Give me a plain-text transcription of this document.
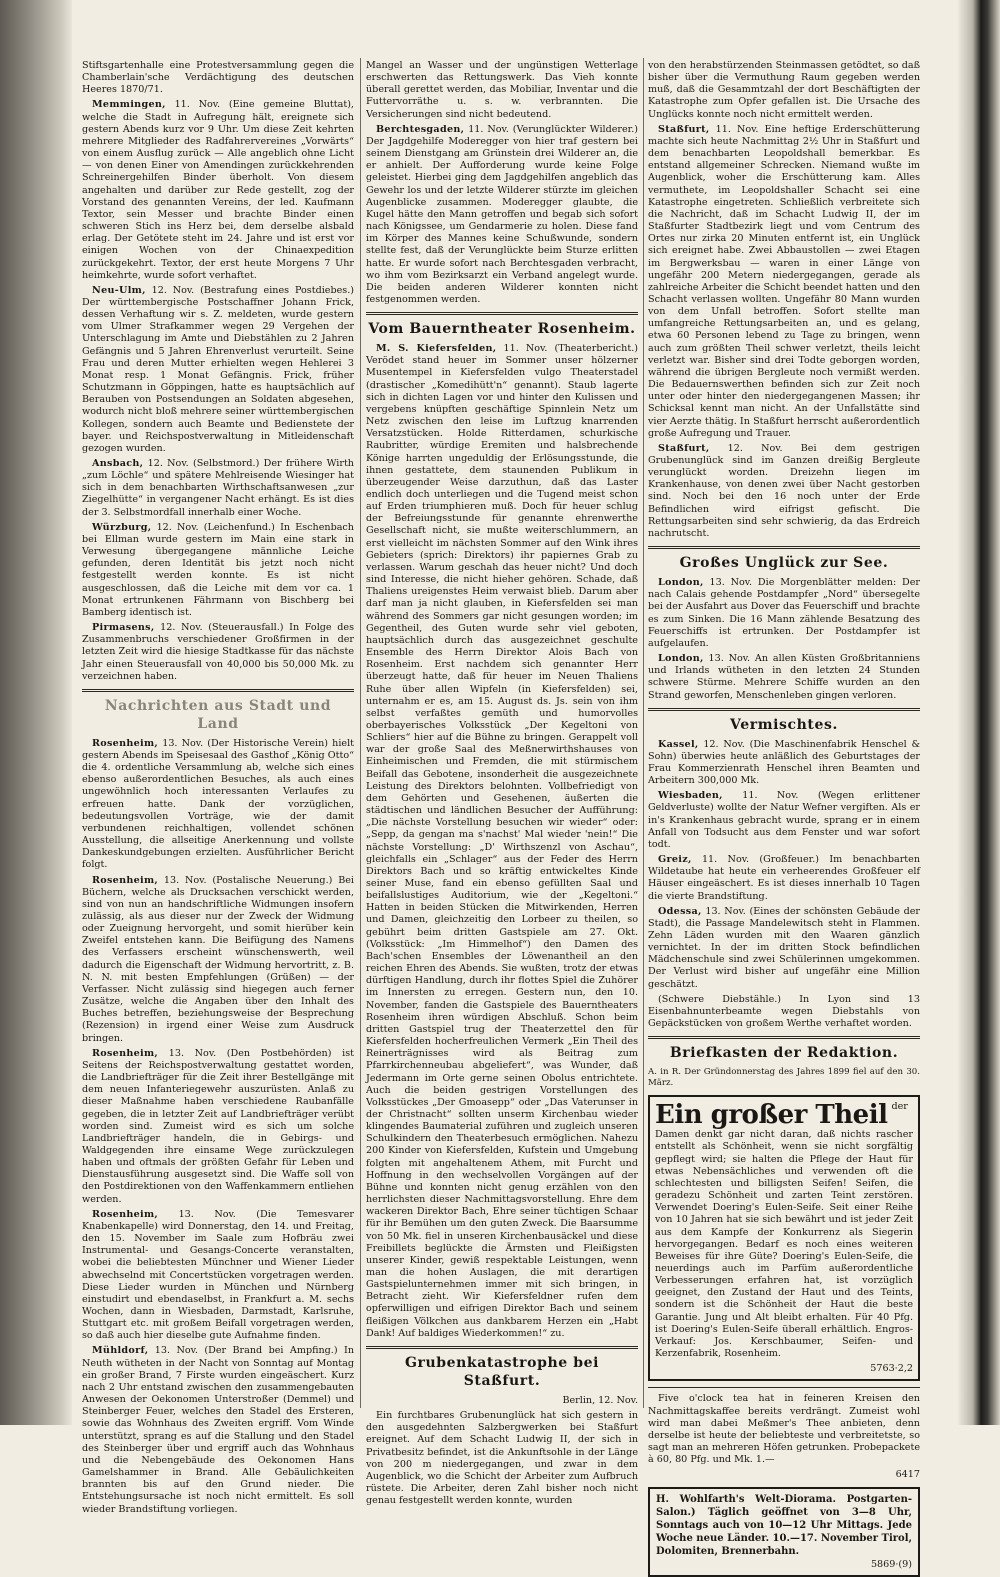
Stiftsgartenhalle eine Protestversammlung gegen die Chamberlain'sche Verdächtigung des deutschen Heeres 1870/71.

Memmingen, 11. Nov. (Eine gemeine Bluttat), welche die Stadt in Aufregung hält, ereignete sich gestern Abends kurz vor 9 Uhr. Um diese Zeit kehrten mehrere Mitglieder des Radfahrervereines „Vorwärts“ von einem Ausflug zurück — Alle angeblich ohne Licht — von denen Einer von Amendingen zurückkehrenden Schreinergehilfen Binder überholt. Von diesem angehalten und darüber zur Rede gestellt, zog der Vorstand des genannten Vereins, der led. Kaufmann Textor, sein Messer und brachte Binder einen schweren Stich ins Herz bei, dem derselbe alsbald erlag. Der Getötete steht im 24. Jahre und ist erst vor einigen Wochen von der Chinaexpedition zurückgekehrt. Textor, der erst heute Morgens 7 Uhr heimkehrte, wurde sofort verhaftet.

Neu-Ulm, 12. Nov. (Bestrafung eines Postdiebes.) Der württembergische Postschaffner Johann Frick, dessen Verhaftung wir s. Z. meldeten, wurde gestern vom Ulmer Strafkammer wegen 29 Vergehen der Unterschlagung im Amte und Diebstählen zu 2 Jahren Gefängnis und 5 Jahren Ehrenverlust verurteilt. Seine Frau und deren Mutter erhielten wegen Hehlerei 3 Monat resp. 1 Monat Gefängnis. Frick, früher Schutzmann in Göppingen, hatte es hauptsächlich auf Berauben von Postsendungen an Soldaten abgesehen, wodurch nicht bloß mehrere seiner württembergischen Kollegen, sondern auch Beamte und Bedienstete der bayer. und Reichspostverwaltung in Mitleidenschaft gezogen wurden.

Ansbach, 12. Nov. (Selbstmord.) Der frühere Wirth „zum Löchle“ und spätere Mehlreisende Wiesinger hat sich in dem benachbarten Wirthschaftsanwesen „zur Ziegelhütte“ in vergangener Nacht erhängt. Es ist dies der 3. Selbstmordfall innerhalb einer Woche.

Würzburg, 12. Nov. (Leichenfund.) In Eschenbach bei Ellman wurde gestern im Main eine stark in Verwesung übergegangene männliche Leiche gefunden, deren Identität bis jetzt noch nicht festgestellt werden konnte. Es ist nicht ausgeschlossen, daß die Leiche mit dem vor ca. 1 Monat ertrunkenen Fährmann von Bischberg bei Bamberg identisch ist.

Pirmasens, 12. Nov. (Steuerausfall.) In Folge des Zusammenbruchs verschiedener Großfirmen in der letzten Zeit wird die hiesige Stadtkasse für das nächste Jahr einen Steuerausfall von 40,000 bis 50,000 Mk. zu verzeichnen haben.

Nachrichten aus Stadt und Land

Rosenheim, 13. Nov. (Der Historische Verein) hielt gestern Abends im Speisesaal des Gasthof „König Otto“ die 4. ordentliche Versammlung ab, welche sich eines ebenso außerordentlichen Besuches, als auch eines ungewöhnlich hoch interessanten Verlaufes zu erfreuen hatte. Dank der vorzüglichen, bedeutungsvollen Vorträge, wie der damit verbundenen reichhaltigen, vollendet schönen Ausstellung, die allseitige Anerkennung und vollste Dankeskundgebungen erzielten. Ausführlicher Bericht folgt.

Rosenheim, 13. Nov. (Postalische Neuerung.) Bei Büchern, welche als Drucksachen verschickt werden, sind von nun an handschriftliche Widmungen insofern zulässig, als aus dieser nur der Zweck der Widmung oder Zueignung hervorgeht, und somit hierüber kein Zweifel entstehen kann. Die Beifügung des Namens des Verfassers erscheint wünschenswerth, weil dadurch die Eigenschaft der Widmung hervortritt, z. B. N. N. mit besten Empfehlungen (Grüßen) — der Verfasser. Nicht zulässig sind hiegegen auch ferner Zusätze, welche die Angaben über den Inhalt des Buches betreffen, beziehungsweise der Besprechung (Rezension) in irgend einer Weise zum Ausdruck bringen.

Rosenheim, 13. Nov. (Den Postbehörden) ist Seitens der Reichspostverwaltung gestattet worden, die Landbriefträger für die Zeit ihrer Bestellgänge mit dem neuen Infanteriegewehr auszurüsten. Anlaß zu dieser Maßnahme haben verschiedene Raubanfälle gegeben, die in letzter Zeit auf Landbriefträger verübt worden sind. Zumeist wird es sich um solche Landbriefträger handeln, die in Gebirgs- und Waldgegenden ihre einsame Wege zurückzulegen haben und oftmals der größten Gefahr für Leben und Dienstausführung ausgesetzt sind. Die Waffe soll von den Postdirektionen von den Waffenkammern entliehen werden.

Rosenheim, 13. Nov. (Die Temesvarer Knabenkapelle) wird Donnerstag, den 14. und Freitag, den 15. November im Saale zum Hofbräu zwei Instrumental- und Gesangs-Concerte veranstalten, wobei die beliebtesten Münchner und Wiener Lieder abwechselnd mit Concertstücken vorgetragen werden. Diese Lieder wurden in München und Nürnberg einstudirt und ebendaselbst, in Frankfurt a. M. sechs Wochen, dann in Wiesbaden, Darmstadt, Karlsruhe, Stuttgart etc. mit großem Beifall vorgetragen werden, so daß auch hier dieselbe gute Aufnahme finden.

Mühldorf, 13. Nov. (Der Brand bei Ampfing.) In Neuth wütheten in der Nacht von Sonntag auf Montag ein großer Brand, 7 Firste wurden eingeäschert. Kurz nach 2 Uhr entstand zwischen den zusammengebauten Anwesen der Oekonomen Unterstroßer (Demmel) und Steinberger Feuer, welches den Stadel des Ersteren, sowie das Wohnhaus des Zweiten ergriff. Vom Winde unterstützt, sprang es auf die Stallung und den Stadel des Steinberger über und ergriff auch das Wohnhaus und die Nebengebäude des Oekonomen Hans Gamelshammer in Brand. Alle Gebäulichkeiten brannten bis auf den Grund nieder. Die Entstehungsursache ist noch nicht ermittelt. Es soll wieder Brandstiftung vorliegen.

Mangel an Wasser und der ungünstigen Wetterlage erschwerten das Rettungswerk. Das Vieh konnte überall gerettet werden, das Mobiliar, Inventar und die Futtervorräthe u. s. w. verbrannten. Die Versicherungen sind nicht bedeutend.

Berchtesgaden, 11. Nov. (Verunglückter Wilderer.) Der Jagdgehilfe Moderegger von hier traf gestern bei seinem Dienstgang am Grünstein drei Wilderer an, die er anhielt. Der Aufforderung wurde keine Folge geleistet. Hierbei ging dem Jagdgehilfen angeblich das Gewehr los und der letzte Wilderer stürzte im gleichen Augenblicke zusammen. Moderegger glaubte, die Kugel hätte den Mann getroffen und begab sich sofort nach Königssee, um Gendarmerie zu holen. Diese fand im Körper des Mannes keine Schußwunde, sondern stellte fest, daß der Verunglückte beim Sturze erlitten hatte. Er wurde sofort nach Berchtesgaden verbracht, wo ihm vom Bezirksarzt ein Verband angelegt wurde. Die beiden anderen Wilderer konnten nicht festgenommen werden.

Vom Bauerntheater Rosenheim.

M. S. Kiefersfelden, 11. Nov. (Theaterbericht.) Verödet stand heuer im Sommer unser hölzerner Musentempel in Kiefersfelden vulgo Theaterstadel (drastischer „Komedihütt'n“ genannt). Staub lagerte sich in dichten Lagen vor und hinter den Kulissen und vergebens knüpften geschäftige Spinnlein Netz um Netz zwischen den leise im Luftzug knarrenden Versatzstücken. Holde Ritterdamen, schurkische Raubritter, würdige Eremiten und halsbrechende Könige harrten ungeduldig der Erlösungsstunde, die ihnen gestattete, dem staunenden Publikum in überzeugender Weise darzuthun, daß das Laster endlich doch unterliegen und die Tugend meist schon auf Erden triumphieren muß. Doch für heuer schlug der Befreiungsstunde für genannte ehrenwerthe Gesellschaft nicht, sie mußte weiterschlummern, an erst vielleicht im nächsten Sommer auf den Wink ihres Gebieters (sprich: Direktors) ihr papiernes Grab zu verlassen. Warum geschah das heuer nicht? Und doch sind Interesse, die nicht hieher gehören. Schade, daß Thaliens ureigenstes Heim verwaist blieb. Darum aber darf man ja nicht glauben, in Kiefersfelden sei man während des Sommers gar nicht gesungen worden; im Gegentheil, des Guten wurde sehr viel geboten, hauptsächlich durch das ausgezeichnet geschulte Ensemble des Herrn Direktor Alois Bach von Rosenheim. Erst nachdem sich genannter Herr überzeugt hatte, daß für heuer im Neuen Thaliens Ruhe über allen Wipfeln (in Kiefersfelden) sei, unternahm er es, am 15. August ds. Js. sein von ihm selbst verfaßtes gemüth und humorvolles oberbayerisches Volksstück „Der Kegeltoni von Schliers“ hier auf die Bühne zu bringen. Gerappelt voll war der große Saal des Meßnerwirthshauses von Einheimischen und Fremden, die mit stürmischem Beifall das Gebotene, insonderheit die ausgezeichnete Leistung des Direktors belohnten. Vollbefriedigt von dem Gehörten und Gesehenen, äußerten die städtischen und ländlichen Besucher der Aufführung: „Die nächste Vorstellung besuchen wir wieder“ oder: „Sepp, da gengan ma s'nachst' Mal wieder 'nein!“ Die nächste Vorstellung: „D' Wirthszenzl von Aschau“, gleichfalls ein „Schlager“ aus der Feder des Herrn Direktors Bach und so kräftig entwickeltes Kinde seiner Muse, fand ein ebenso gefüllten Saal und beifallslustiges Auditorium, wie der „Kegeltoni.“ Hatten in beiden Stücken die Mitwirkenden, Herren und Damen, gleichzeitig den Lorbeer zu theilen, so gebührt beim dritten Gastspiele am 27. Okt. (Volksstück: „Im Himmelhof“) den Damen des Bach'schen Ensembles der Löwenantheil an den reichen Ehren des Abends. Sie wußten, trotz der etwas dürftigen Handlung, durch ihr flottes Spiel die Zuhörer im Innersten zu erregen. Gestern nun, den 10. November, fanden die Gastspiele des Bauerntheaters Rosenheim ihren würdigen Abschluß. Schon beim dritten Gastspiel trug der Theaterzettel den für Kiefersfelden hocherfreulichen Vermerk „Ein Theil des Reinerträgnisses wird als Beitrag zum Pfarrkirchenneubau abgeliefert“, was Wunder, daß Jedermann im Orte gerne seinen Obolus entrichtete. Auch die beiden gestrigen Vorstellungen des Volksstückes „Der Gmoasepp“ oder „Das Vaterunser in der Christnacht“ sollten unserm Kirchenbau wieder klingendes Baumaterial zuführen und zugleich unseren Schulkindern den Theaterbesuch ermöglichen. Nahezu 200 Kinder von Kiefersfelden, Kufstein und Umgebung folgten mit angehaltenem Athem, mit Furcht und Hoffnung in den wechselvollen Vorgängen auf der Bühne und konnten nicht genug erzählen von den herrlichsten dieser Nachmittagsvorstellung. Ehre dem wackeren Direktor Bach, Ehre seiner tüchtigen Schaar für ihr Bemühen um den guten Zweck. Die Baarsumme von 50 Mk. fiel in unseren Kirchenbausäckel und diese Freibillets beglückte die Ärmsten und Fleißigsten unserer Kinder, gewiß respektable Leistungen, wenn man die hohen Auslagen, die mit derartigen Gastspielunternehmen immer mit sich bringen, in Betracht zieht. Wir Kiefersfeldner rufen dem opferwilligen und eifrigen Direktor Bach und seinem fleißigen Völkchen aus dankbarem Herzen ein „Habt Dank! Auf baldiges Wiederkommen!“ zu.

Grubenkatastrophe bei Staßfurt.
Berlin, 12. Nov.

Ein furchtbares Grubenunglück hat sich gestern in den ausgedehnten Salzbergwerken bei Staßfurt ereignet. Auf dem Schacht Ludwig II, der sich in Privatbesitz befindet, ist die Ankunftsohle in der Länge von 200 m niedergegangen, und zwar in dem Augenblick, wo die Schicht der Arbeiter zum Aufbruch rüstete. Die Arbeiter, deren Zahl bisher noch nicht genau festgestellt werden konnte, wurden

von den herabstürzenden Steinmassen getödtet, so daß bisher über die Vermuthung Raum gegeben werden muß, daß die Gesammtzahl der dort Beschäftigten der Katastrophe zum Opfer gefallen ist. Die Ursache des Unglücks konnte noch nicht ermittelt werden.

Staßfurt, 11. Nov. Eine heftige Erderschütterung machte sich heute Nachmittag 2½ Uhr in Staßfurt und dem benachbarten Leopoldshall bemerkbar. Es entstand allgemeiner Schrecken. Niemand wußte im Augenblick, woher die Erschütterung kam. Alles vermuthete, im Leopoldshaller Schacht sei eine Katastrophe eingetreten. Schließlich verbreitete sich die Nachricht, daß im Schacht Ludwig II, der im Staßfurter Stadtbezirk liegt und vom Centrum des Ortes nur zirka 20 Minuten entfernt ist, ein Unglück sich ereignet habe. Zwei Abbaustollen — zwei Etagen im Bergwerksbau — waren in einer Länge von ungefähr 200 Metern niedergegangen, gerade als zahlreiche Arbeiter die Schicht beendet hatten und den Schacht verlassen wollten. Ungefähr 80 Mann wurden von dem Unfall betroffen. Sofort stellte man umfangreiche Rettungsarbeiten an, und es gelang, etwa 60 Personen lebend zu Tage zu bringen, wenn auch zum größten Theil schwer verletzt, theils leicht verletzt war. Bisher sind drei Todte geborgen worden, während die übrigen Bergleute noch vermißt werden. Die Bedauernswerthen befinden sich zur Zeit noch unter oder hinter den niedergegangenen Massen; ihr Schicksal kennt man nicht. An der Unfallstätte sind vier Aerzte thätig. In Staßfurt herrscht außerordentlich große Aufregung und Trauer.

Staßfurt, 12. Nov. Bei dem gestrigen Grubenunglück sind im Ganzen dreißig Bergleute verunglückt worden. Dreizehn liegen im Krankenhause, von denen zwei über Nacht gestorben sind. Noch bei den 16 noch unter der Erde Befindlichen wird eifrigst gefischt. Die Rettungsarbeiten sind sehr schwierig, da das Erdreich nachrutscht.

Großes Unglück zur See.

London, 13. Nov. Die Morgenblätter melden: Der nach Calais gehende Postdampfer „Nord“ übersegelte bei der Ausfahrt aus Dover das Feuerschiff und brachte es zum Sinken. Die 16 Mann zählende Besatzung des Feuerschiffs ist ertrunken. Der Postdampfer ist aufgelaufen.

London, 13. Nov. An allen Küsten Großbritanniens und Irlands wütheten in den letzten 24 Stunden schwere Stürme. Mehrere Schiffe wurden an den Strand geworfen, Menschenleben gingen verloren.

Vermischtes.

Kassel, 12. Nov. (Die Maschinenfabrik Henschel & Sohn) überwies heute anläßlich des Geburtstages der Frau Kommerzienrath Henschel ihren Beamten und Arbeitern 300,000 Mk.

Wiesbaden, 11. Nov. (Wegen erlittener Geldverluste) wollte der Natur Wefner vergiften. Als er in's Krankenhaus gebracht wurde, sprang er in einem Anfall von Todsucht aus dem Fenster und war sofort todt.

Greiz, 11. Nov. (Großfeuer.) Im benachbarten Wildetaube hat heute ein verheerendes Großfeuer elf Häuser eingeäschert. Es ist dieses innerhalb 10 Tagen die vierte Brandstiftung.

Odessa, 13. Nov. (Eines der schönsten Gebäude der Stadt), die Passage Mandelewitsch steht in Flammen. Zehn Läden wurden mit den Waaren gänzlich vernichtet. In der im dritten Stock befindlichen Mädchenschule sind zwei Schülerinnen umgekommen. Der Verlust wird bisher auf ungefähr eine Million geschätzt.

(Schwere Diebstähle.) In Lyon sind 13 Eisenbahnunterbeamte wegen Diebstahls von Gepäckstücken von großem Werthe verhaftet worden.

Briefkasten der Redaktion.

A. in R. Der Gründonnerstag des Jahres 1899 fiel auf den 30. März.

Ein großer Theil der Damen denkt gar nicht daran, daß nichts rascher entstellt als Schönheit, wenn sie nicht sorgfältig gepflegt wird; sie halten die Pflege der Haut für etwas Nebensächliches und verwenden oft die schlechtesten und billigsten Seifen! Seifen, die geradezu Schönheit und zarten Teint zerstören. Verwendet Doering's Eulen-Seife. Seit einer Reihe von 10 Jahren hat sie sich bewährt und ist jeder Zeit aus dem Kampfe der Konkurrenz als Siegerin hervorgegangen. Bedarf es noch eines weiteren Beweises für ihre Güte? Doering's Eulen-Seife, die neuerdings auch im Parfüm außerordentliche Verbesserungen erfahren hat, ist vorzüglich geeignet, den Zustand der Haut und des Teints, sondern ist die Schönheit der Haut die beste Garantie. Jung und Alt bleibt erhalten. Für 40 Pfg. ist Doering's Eulen-Seife überall erhältlich. Engros-Verkauf: Jos. Kerschbaumer, Seifen- und Kerzenfabrik, Rosenheim.

5763·2,2

Five o'clock tea hat in feineren Kreisen den Nachmittagskaffee bereits verdrängt. Zumeist wohl wird man dabei Meßmer's Thee anbieten, denn derselbe ist heute der beliebteste und verbreitetste, so sagt man an mehreren Höfen getrunken. Probepackete à 60, 80 Pfg. und Mk. 1.—

6417
H. Wohlfarth's Welt-Diorama. Postgarten-Salon.) Täglich geöffnet von 3—8 Uhr, Sonntags auch von 10—12 Uhr Mittags. Jede Woche neue Länder. 10.—17. November Tirol, Dolomiten, Brennerbahn.
5869·(9)
